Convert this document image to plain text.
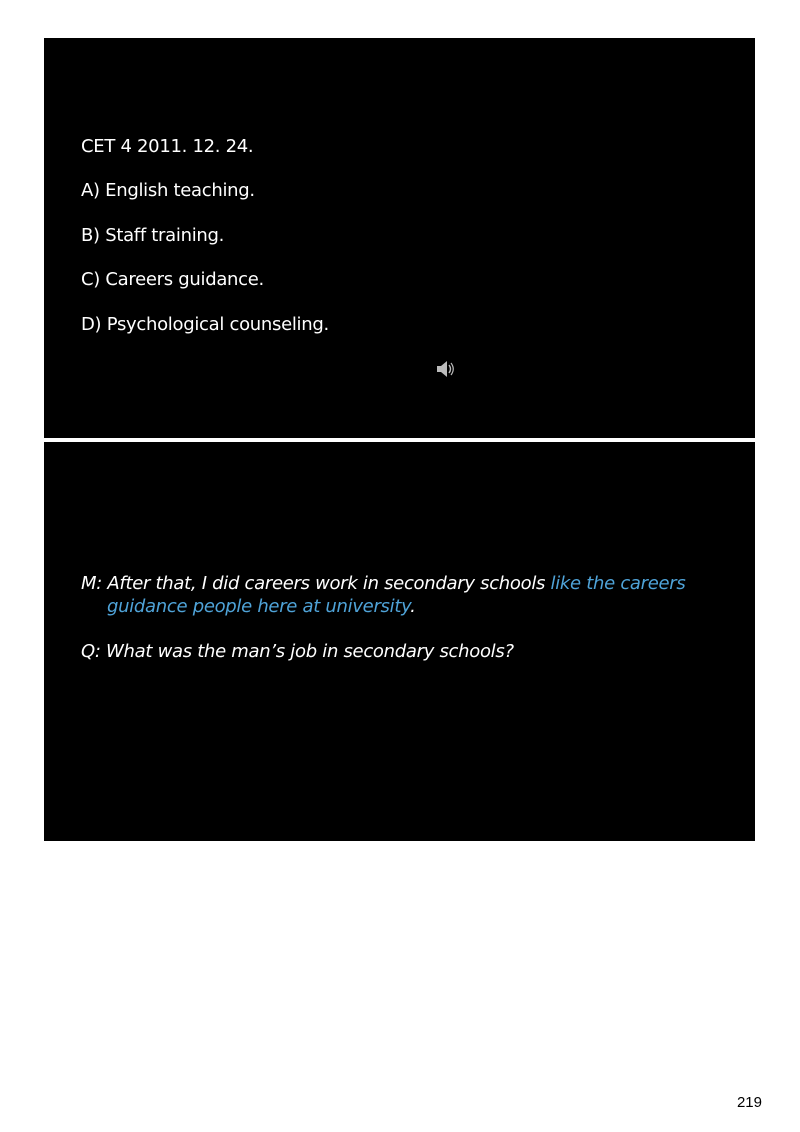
CET 4 2011. 12. 24.
A) English teaching.
B) Staff training.
C) Careers guidance.
D) Psychological counseling.
M: After that, I did careers work in secondary schools like the careers
guidance people here at university.
Q: What was the man’s job in secondary schools?
219
